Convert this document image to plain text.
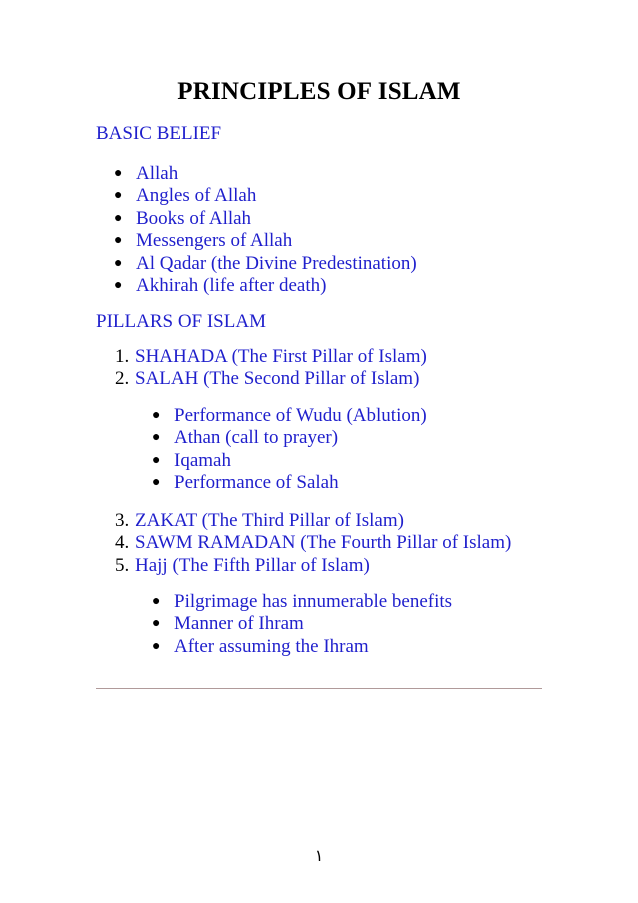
PRINCIPLES OF ISLAM
BASIC BELIEF
● Allah
● Angles of Allah
● Books of Allah
● Messengers of Allah
● Al Qadar (the Divine Predestination)
● Akhirah (life after death)
PILLARS OF ISLAM
1. SHAHADA (The First Pillar of Islam)
2. SALAH (The Second Pillar of Islam)
● Performance of Wudu (Ablution)
● Athan (call to prayer)
● Iqamah
● Performance of Salah
3. ZAKAT (The Third Pillar of Islam)
4. SAWM RAMADAN (The Fourth Pillar of Islam)
5. Hajj (The Fifth Pillar of Islam)
● Pilgrimage has innumerable benefits
● Manner of Ihram
● After assuming the Ihram
١
